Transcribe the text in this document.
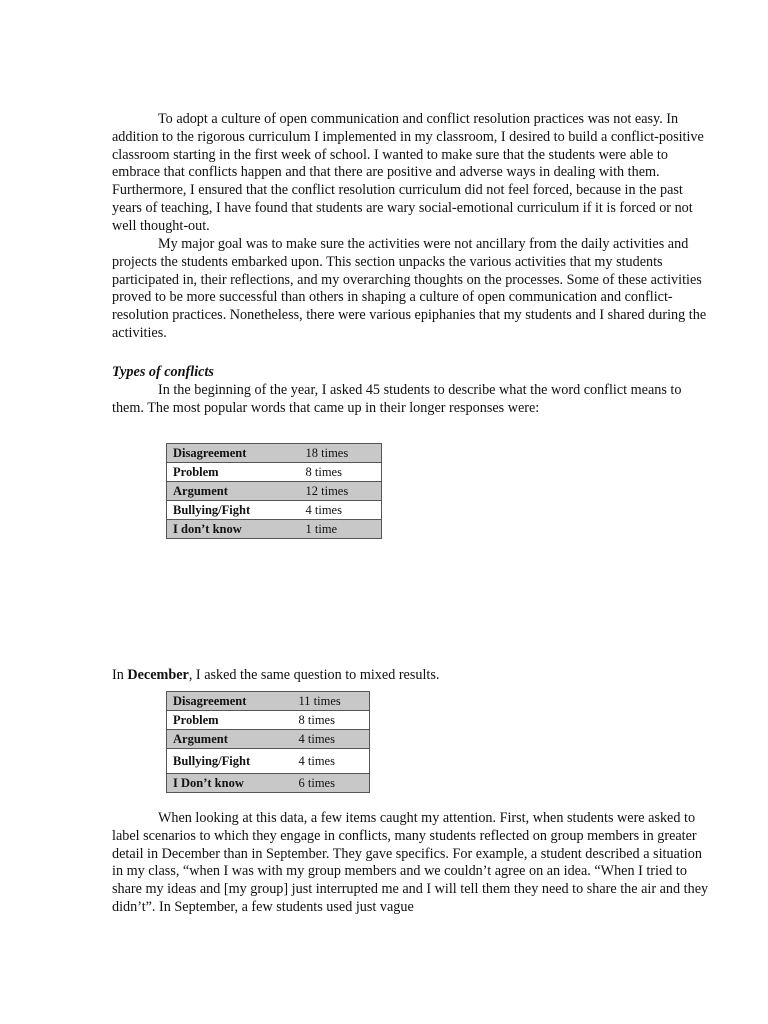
To adopt a culture of open communication and conflict resolution practices was not easy. In addition to the rigorous curriculum I implemented in my classroom, I desired to build a conflict-positive classroom starting in the first week of school. I wanted to make sure that the students were able to embrace that conflicts happen and that there are positive and adverse ways in dealing with them. Furthermore, I ensured that the conflict resolution curriculum did not feel forced, because in the past years of teaching, I have found that students are wary social-emotional curriculum if it is forced or not well thought-out.

My major goal was to make sure the activities were not ancillary from the daily activities and projects the students embarked upon. This section unpacks the various activities that my students participated in, their reflections, and my overarching thoughts on the processes. Some of these activities proved to be more successful than others in shaping a culture of open communication and conflict-resolution practices. Nonetheless, there were various epiphanies that my students and I shared during the activities.

Types of conflicts

In the beginning of the year, I asked 45 students to describe what the word conflict means to them. The most popular words that came up in their longer responses were:

Disagreement	18 times
Problem	8 times
Argument	12 times
Bullying/Fight	4 times
I don’t know	1 time

In December, I asked the same question to mixed results.

Disagreement	11 times
Problem	8 times
Argument	4 times
Bullying/Fight	4 times
I Don’t know	6 times

When looking at this data, a few items caught my attention. First, when students were asked to label scenarios to which they engage in conflicts, many students reflected on group members in greater detail in December than in September. They gave specifics. For example, a student described a situation in my class, “when I was with my group members and we couldn’t agree on an idea. “When I tried to share my ideas and [my group] just interrupted me and I will tell them they need to share the air and they didn’t”. In September, a few students used just vague
